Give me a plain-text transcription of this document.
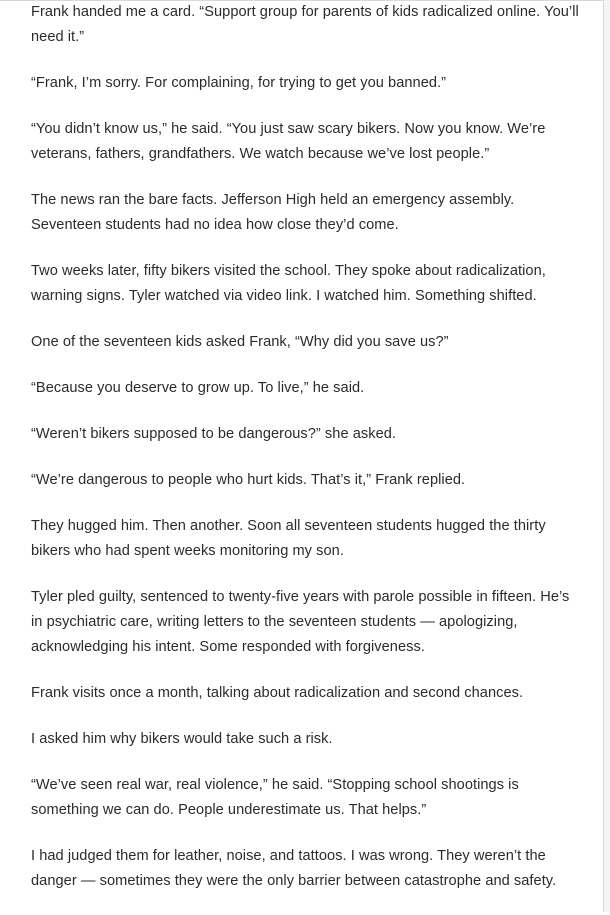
Frank handed me a card. “Support group for parents of kids radicalized online. You’ll need it.”

“Frank, I’m sorry. For complaining, for trying to get you banned.”

“You didn’t know us,” he said. “You just saw scary bikers. Now you know. We’re veterans, fathers, grandfathers. We watch because we’ve lost people.”

The news ran the bare facts. Jefferson High held an emergency assembly. Seventeen students had no idea how close they’d come.

Two weeks later, fifty bikers visited the school. They spoke about radicalization, warning signs. Tyler watched via video link. I watched him. Something shifted.

One of the seventeen kids asked Frank, “Why did you save us?”

“Because you deserve to grow up. To live,” he said.

“Weren’t bikers supposed to be dangerous?” she asked.

“We’re dangerous to people who hurt kids. That’s it,” Frank replied.

They hugged him. Then another. Soon all seventeen students hugged the thirty bikers who had spent weeks monitoring my son.

Tyler pled guilty, sentenced to twenty-five years with parole possible in fifteen. He’s in psychiatric care, writing letters to the seventeen students — apologizing, acknowledging his intent. Some responded with forgiveness.

Frank visits once a month, talking about radicalization and second chances.

I asked him why bikers would take such a risk.

“We’ve seen real war, real violence,” he said. “Stopping school shootings is something we can do. People underestimate us. That helps.”

I had judged them for leather, noise, and tattoos. I was wrong. They weren’t the danger — sometimes they were the only barrier between catastrophe and safety.
